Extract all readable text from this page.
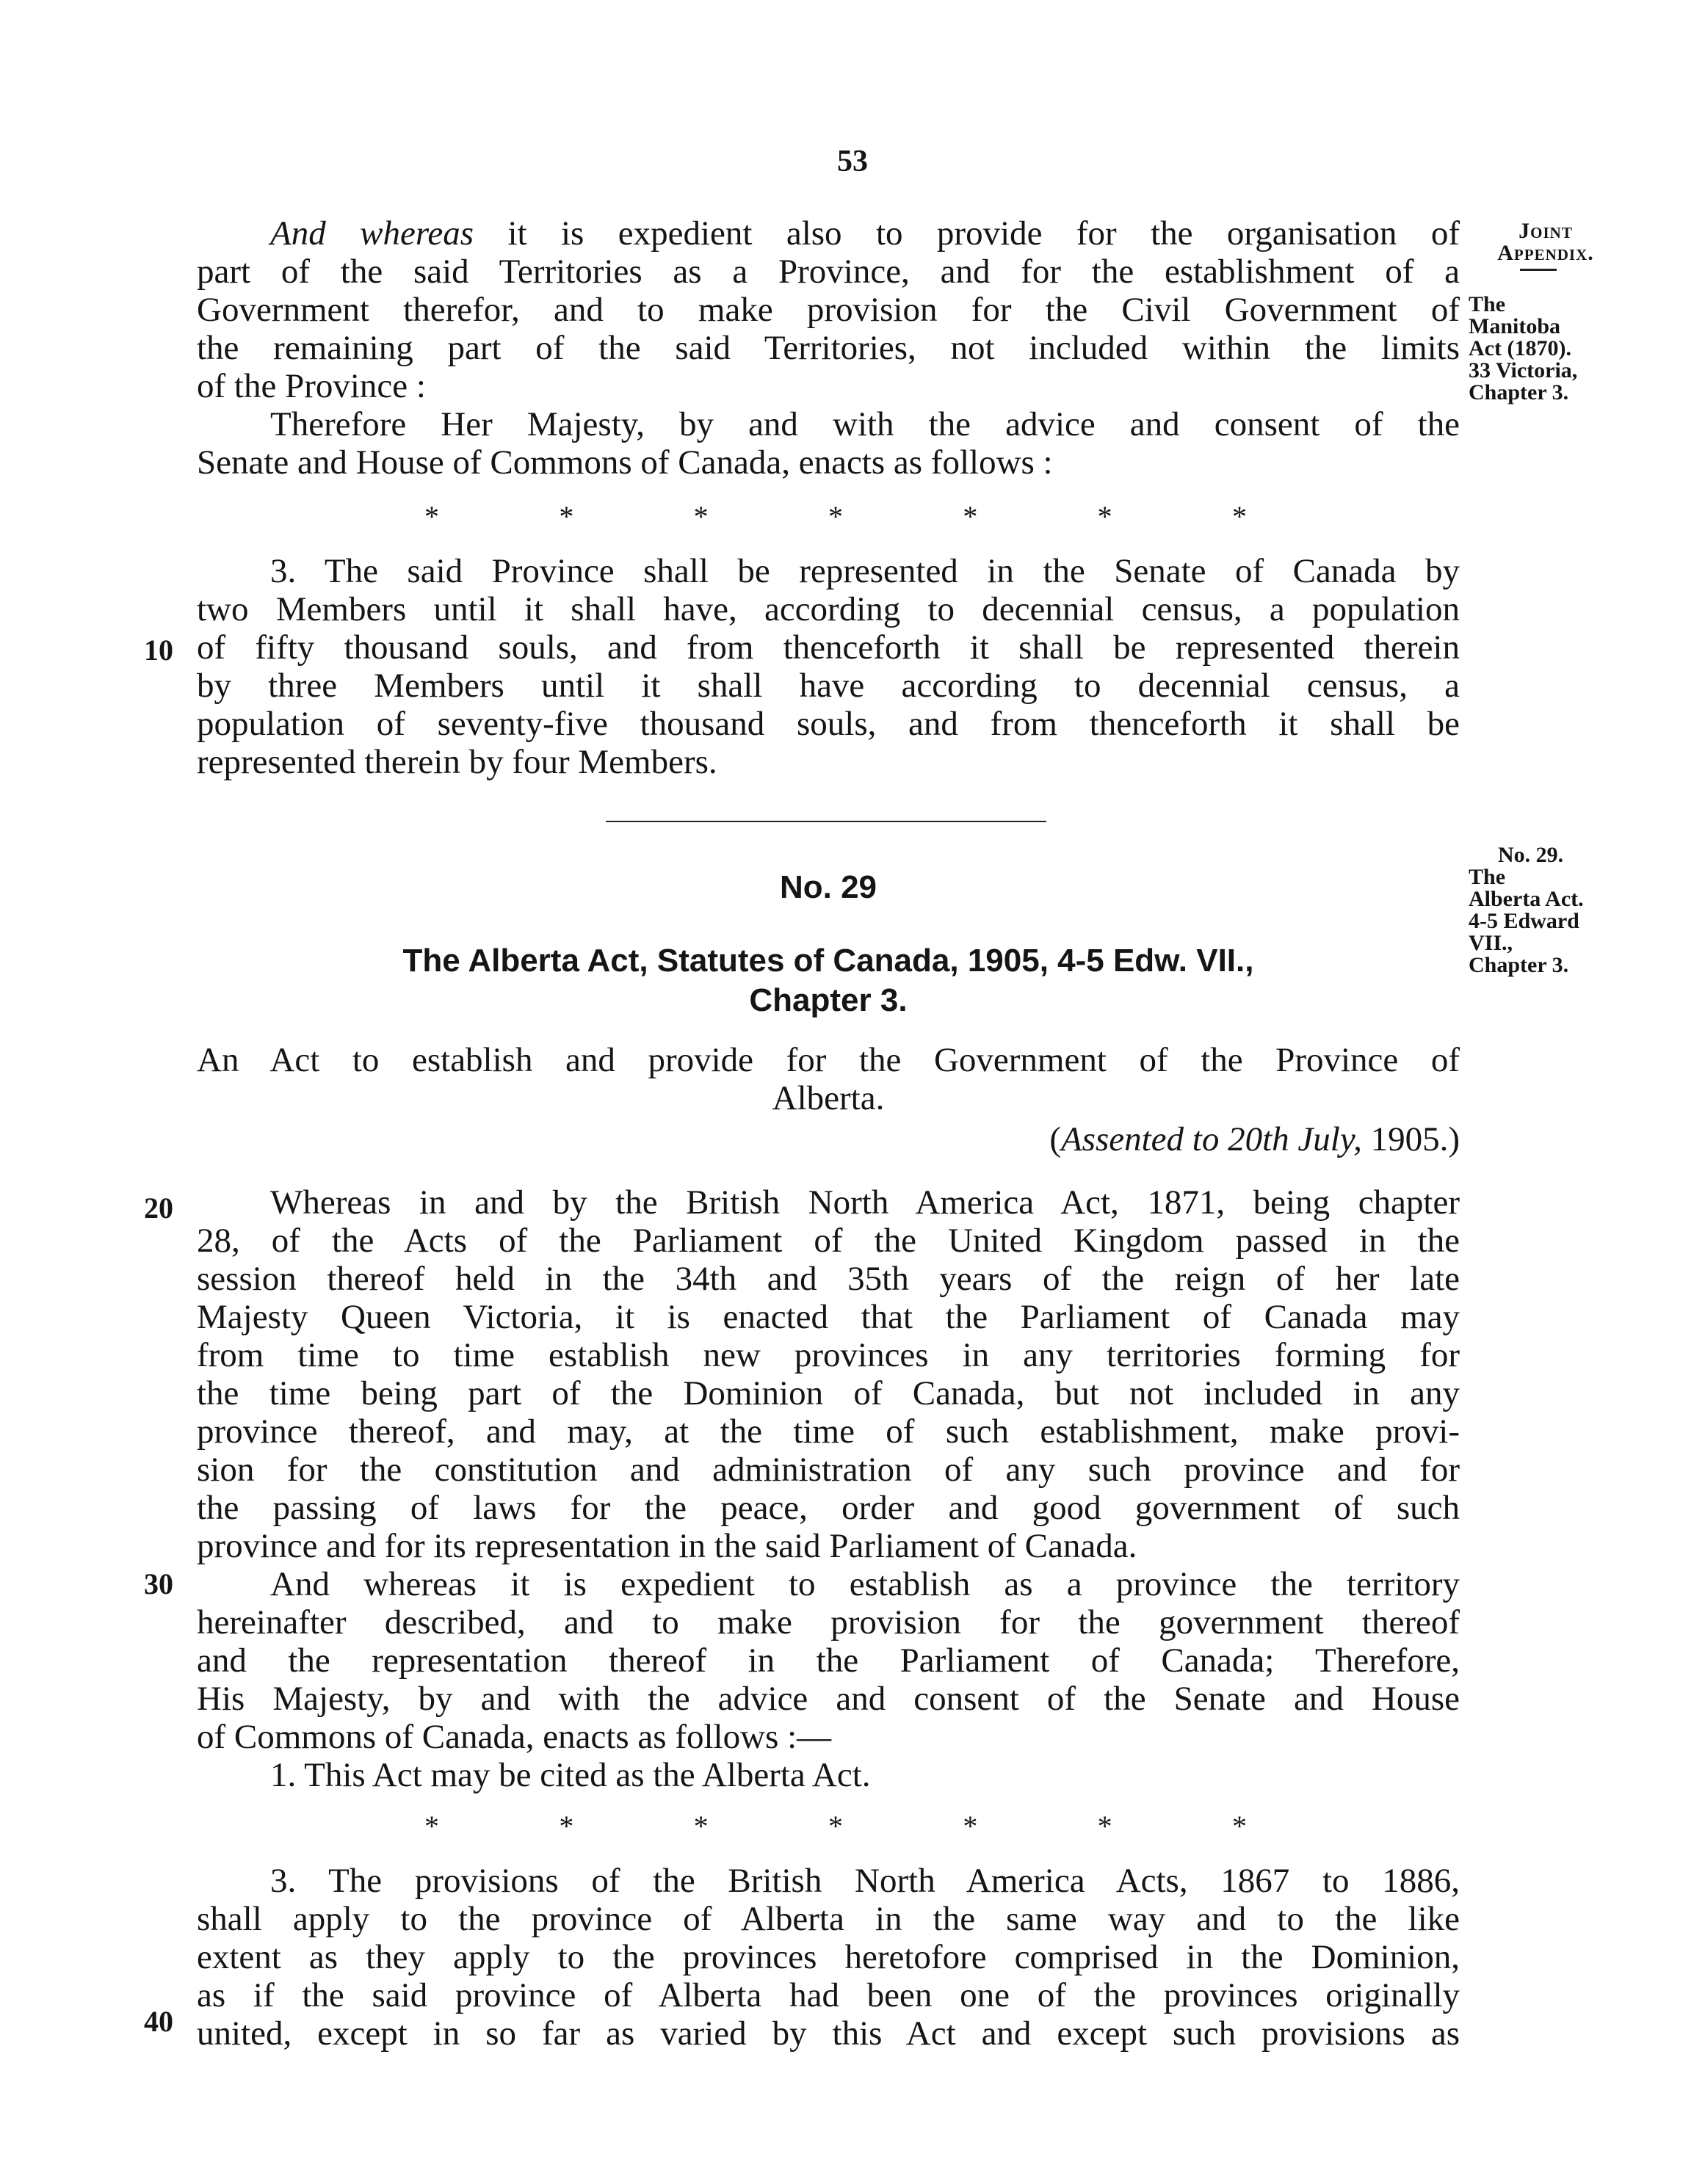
53
Joint
Appendix.
The
Manitoba
Act (1870).
33 Victoria,
Chapter 3.
No. 29.
The
Alberta Act.
4-5 Edward
VII.,
Chapter 3.
10
20
30
40

And whereas it is expedient also to provide for the organisation of
part of the said Territories as a Province, and for the establishment of a
Government therefor, and to make provision for the Civil Government of
the remaining part of the said Territories, not included within the limits
of the Province :
Therefore Her Majesty, by and with the advice and consent of the
Senate and House of Commons of Canada, enacts as follows :

*	*	*	*	*	*	*

3. The said Province shall be represented in the Senate of Canada by
two Members until it shall have, according to decennial census, a population
of fifty thousand souls, and from thenceforth it shall be represented therein
by three Members until it shall have according to decennial census, a
population of seventy-five thousand souls, and from thenceforth it shall be
represented therein by four Members.

No. 29
The Alberta Act, Statutes of Canada, 1905, 4-5 Edw. VII.,
Chapter 3.
An Act to establish and provide for the Government of the Province of
Alberta.
(Assented to 20th July, 1905.)

Whereas in and by the British North America Act, 1871, being chapter
28, of the Acts of the Parliament of the United Kingdom passed in the
session thereof held in the 34th and 35th years of the reign of her late
Majesty Queen Victoria, it is enacted that the Parliament of Canada may
from time to time establish new provinces in any territories forming for
the time being part of the Dominion of Canada, but not included in any
province thereof, and may, at the time of such establishment, make provi-
sion for the constitution and administration of any such province and for
the passing of laws for the peace, order and good government of such
province and for its representation in the said Parliament of Canada.

And whereas it is expedient to establish as a province the territory
hereinafter described, and to make provision for the government thereof
and the representation thereof in the Parliament of Canada; Therefore,
His Majesty, by and with the advice and consent of the Senate and House
of Commons of Canada, enacts as follows :—

1. This Act may be cited as the Alberta Act.

*	*	*	*	*	*	*

3. The provisions of the British North America Acts, 1867 to 1886,
shall apply to the province of Alberta in the same way and to the like
extent as they apply to the provinces heretofore comprised in the Dominion,
as if the said province of Alberta had been one of the provinces originally
united, except in so far as varied by this Act and except such provisions as
